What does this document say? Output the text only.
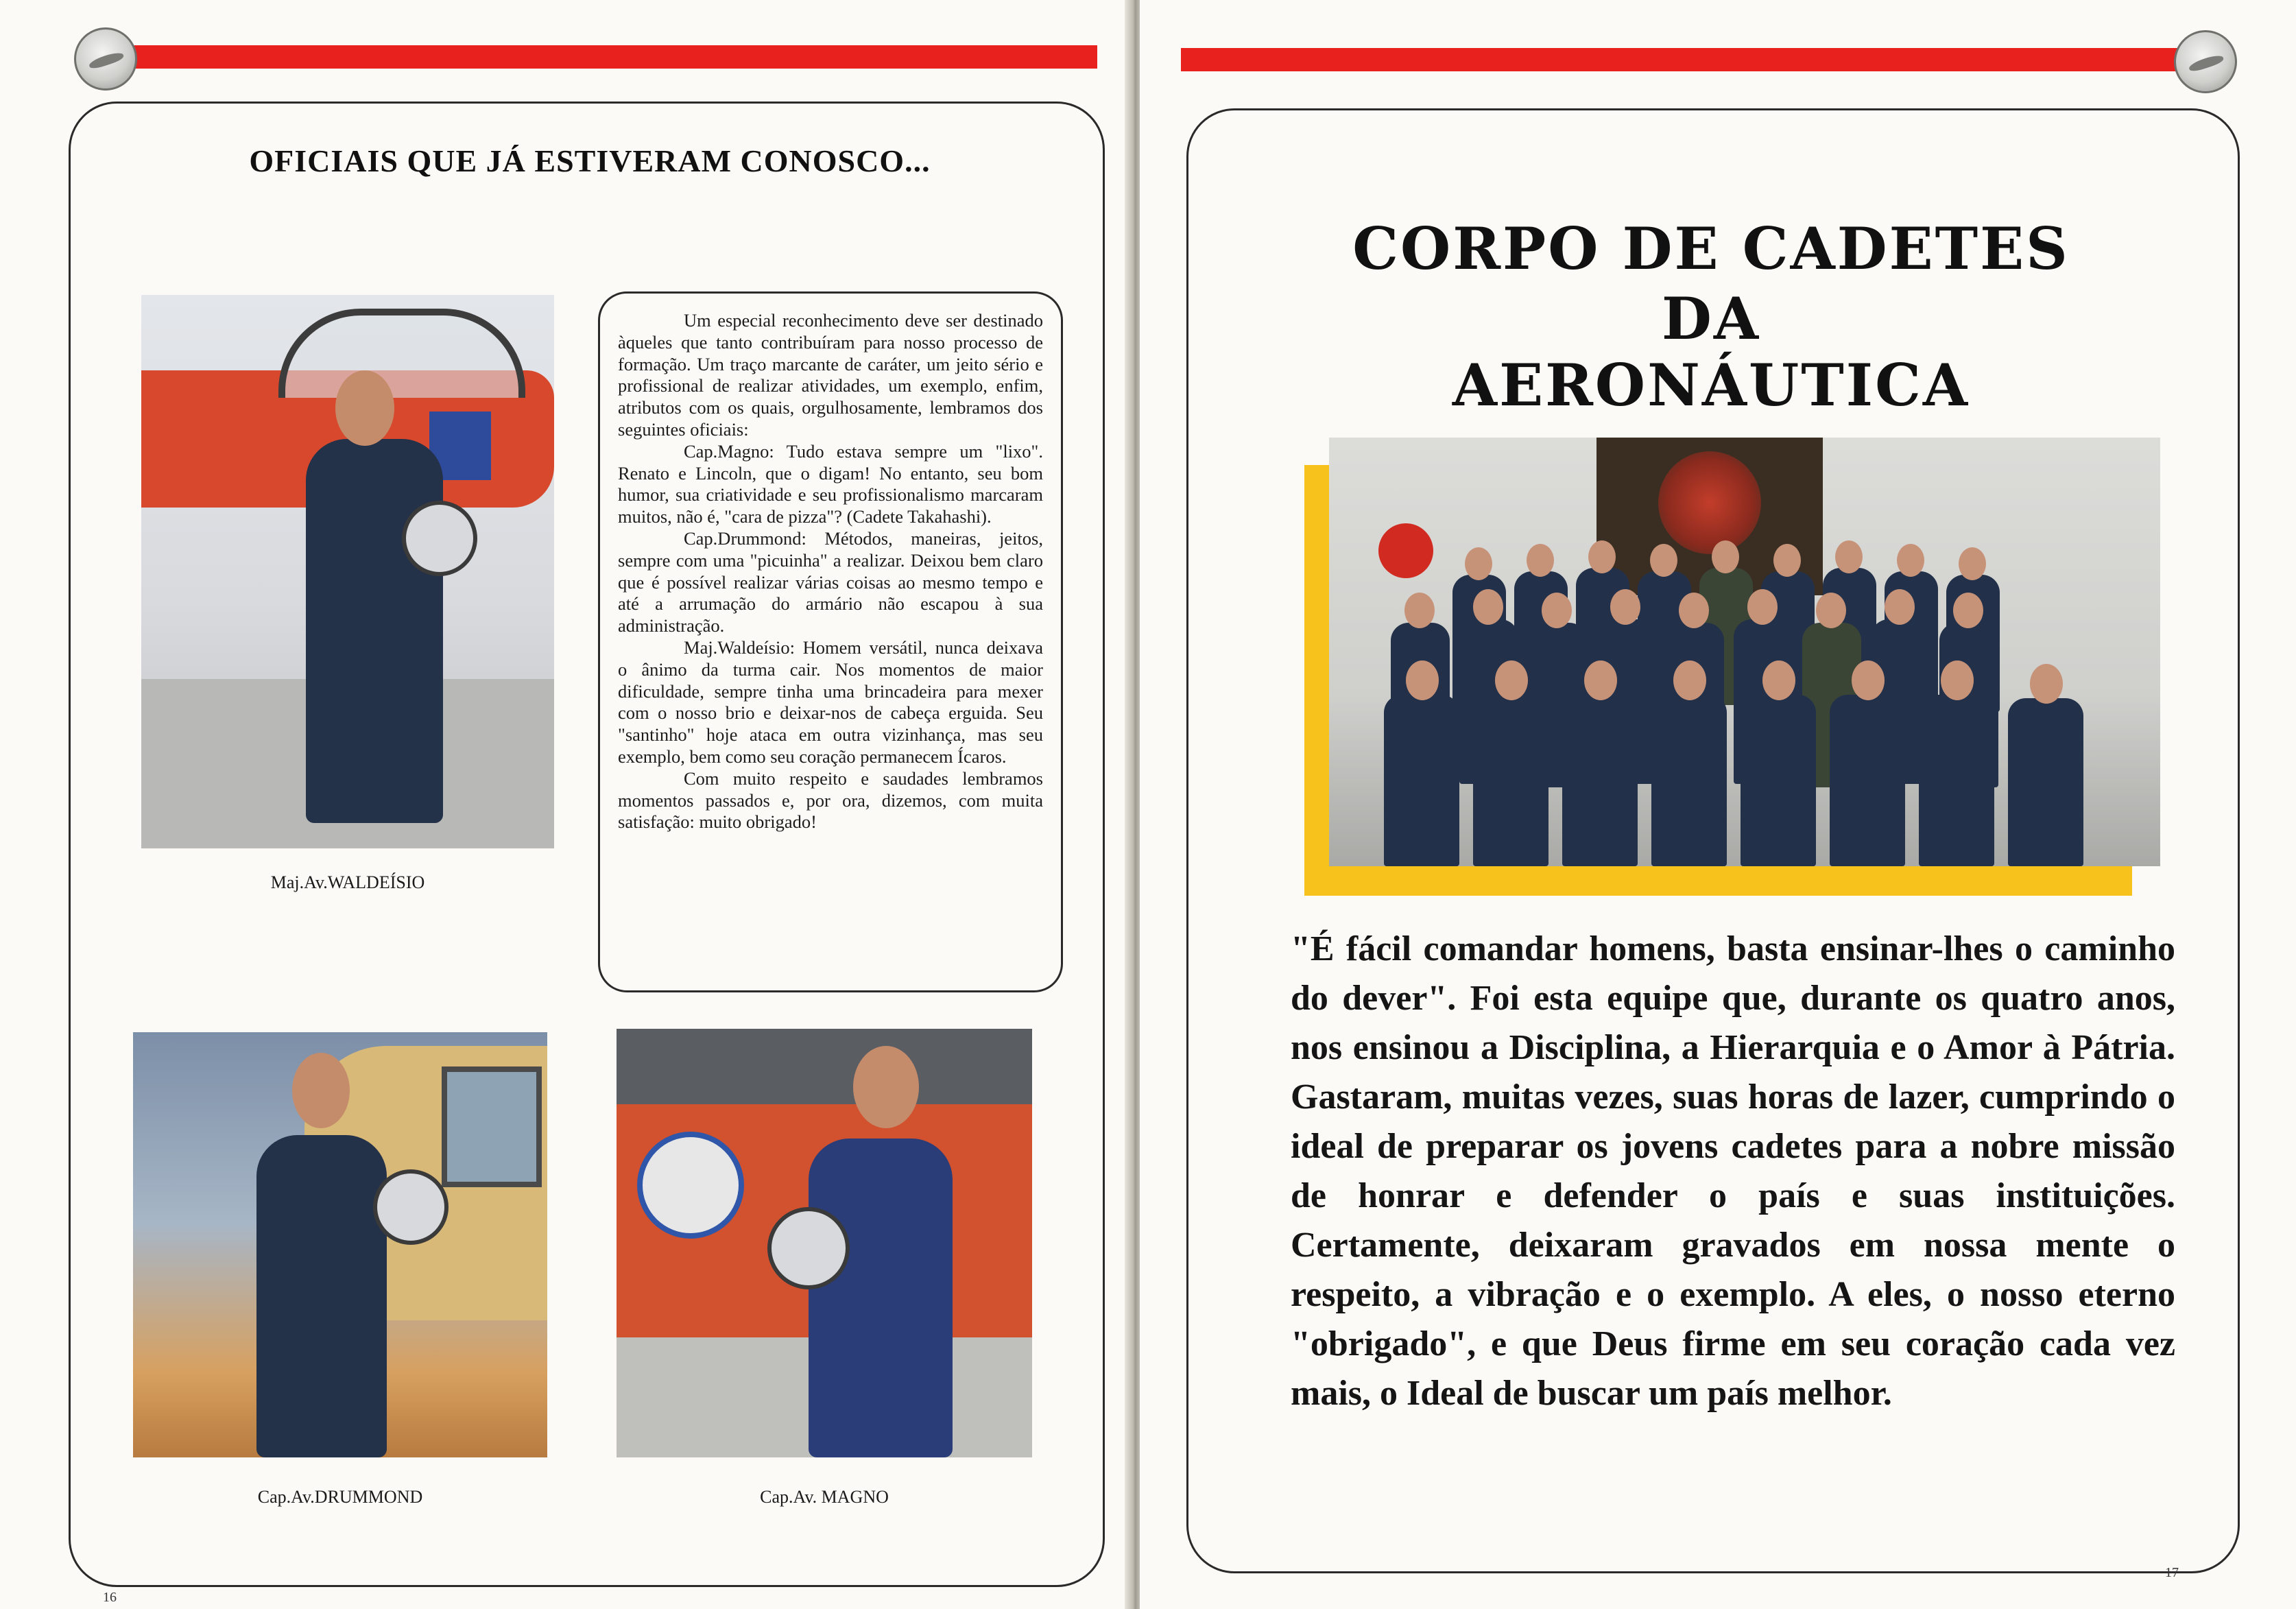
OFICIAIS QUE JÁ ESTIVERAM CONOSCO...
Maj.Av.WALDEÍSIO

Um especial reconhecimento deve ser destinado àqueles que tanto contribuíram para nosso processo de formação. Um traço marcante de caráter, um jeito sério e profissional de realizar atividades, um exemplo, enfim, atributos com os quais, orgulhosamente, lembramos dos seguintes oficiais:

Cap.Magno: Tudo estava sempre um "lixo". Renato e Lincoln, que o digam! No entanto, seu bom humor, sua criatividade e seu profissionalismo marcaram muitos, não é, "cara de pizza"? (Cadete Takahashi).

Cap.Drummond: Métodos, maneiras, jeitos, sempre com uma "picuinha" a realizar. Deixou bem claro que é possível realizar várias coisas ao mesmo tempo e até a arrumação do armário não escapou à sua administração.

Maj.Waldeísio: Homem versátil, nunca deixava o ânimo da turma cair. Nos momentos de maior dificuldade, sempre tinha uma brincadeira para mexer com o nosso brio e deixar-nos de cabeça erguida. Seu "santinho" hoje ataca em outra vizinhança, mas seu exemplo, bem como seu coração permanecem Ícaros.

Com muito respeito e saudades lembramos momentos passados e, por ora, dizemos, com muita satisfação: muito obrigado!

Cap.Av.DRUMMOND	Cap.Av. MAGNO
16
CORPO DE CADETES
DA
AERONÁUTICA
"É fácil comandar homens, basta ensinar-lhes o caminho do dever". Foi esta equipe que, durante os quatro anos, nos ensinou a Disciplina, a Hierarquia e o Amor à Pátria. Gastaram, muitas vezes, suas horas de lazer, cumprindo o ideal de preparar os jovens cadetes para a nobre missão de honrar e defender o país e suas instituições. Certamente, deixaram gravados em nossa mente o respeito, a vibração e o exemplo. A eles, o nosso eterno "obrigado", e que Deus firme em seu coração cada vez mais, o Ideal de buscar um país melhor.
17
